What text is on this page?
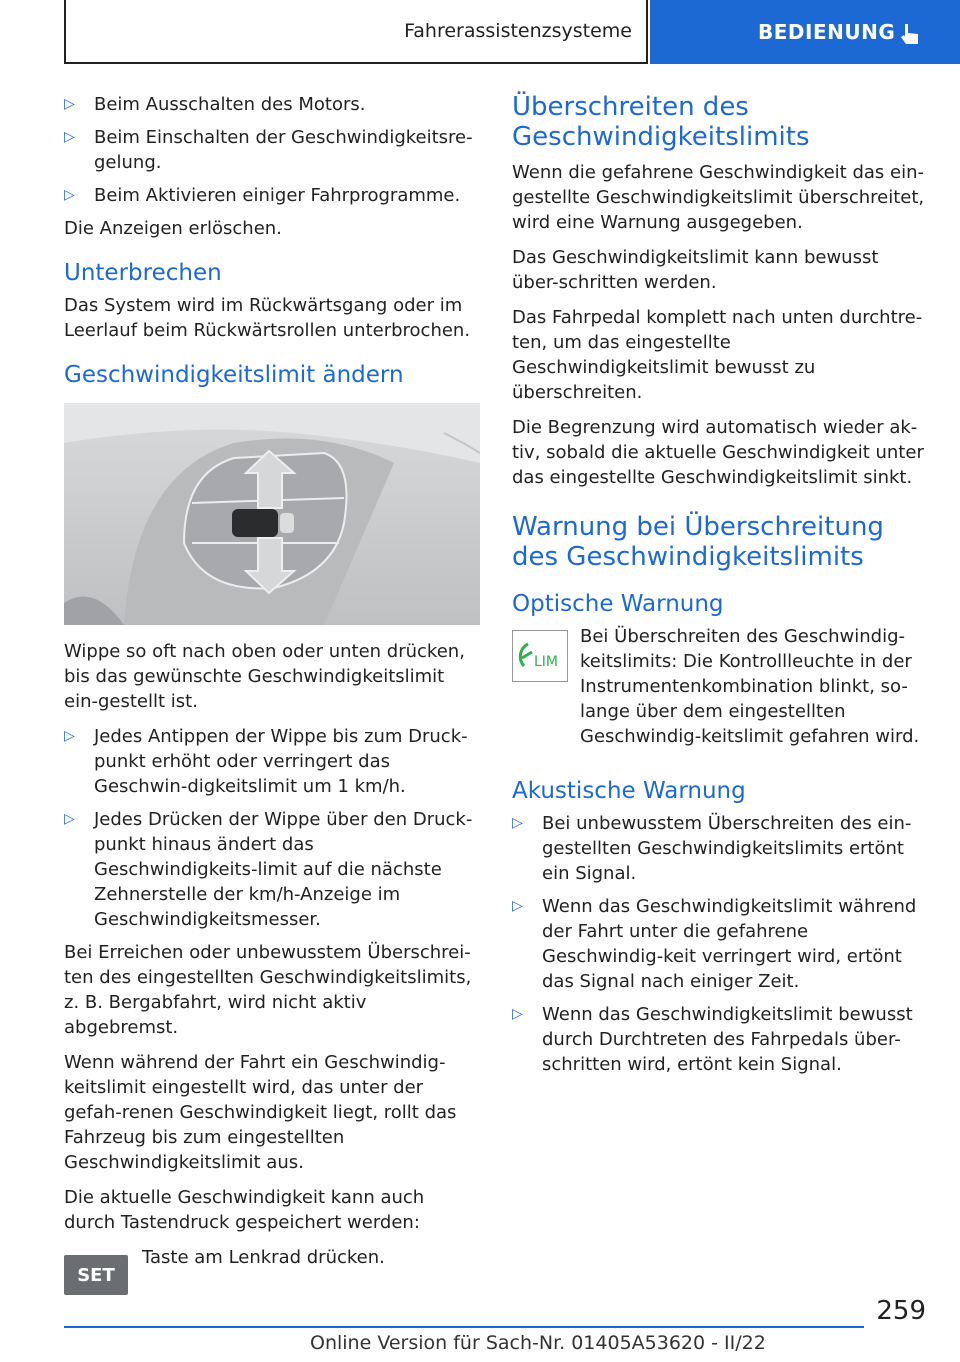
Fahrerassistenzsysteme	BEDIENUNG
▷ Beim Ausschalten des Motors.
▷ Beim Einschalten der Geschwindigkeitsre-gelung.
▷ Beim Aktivieren einiger Fahrprogramme.

Die Anzeigen erlöschen.

Unterbrechen

Das System wird im Rückwärtsgang oder im Leerlauf beim Rückwärtsrollen unterbrochen.

Geschwindigkeitslimit ändern

Wippe so oft nach oben oder unten drücken, bis das gewünschte Geschwindigkeitslimit ein-gestellt ist.

▷ Jedes Antippen der Wippe bis zum Druck-punkt erhöht oder verringert das Geschwin-digkeitslimit um 1 km/h.
▷ Jedes Drücken der Wippe über den Druck-punkt hinaus ändert das Geschwindigkeits-limit auf die nächste Zehnerstelle der km/h-Anzeige im Geschwindigkeitsmesser.

Bei Erreichen oder unbewusstem Überschrei-ten des eingestellten Geschwindigkeitslimits, z. B. Bergabfahrt, wird nicht aktiv abgebremst.

Wenn während der Fahrt ein Geschwindig-keitslimit eingestellt wird, das unter der gefah-renen Geschwindigkeit liegt, rollt das Fahrzeug bis zum eingestellten Geschwindigkeitslimit aus.

Die aktuelle Geschwindigkeit kann auch durch Tastendruck gespeichert werden:

SET

Taste am Lenkrad drücken.

Überschreiten des Geschwindigkeitslimits

Wenn die gefahrene Geschwindigkeit das ein-gestellte Geschwindigkeitslimit überschreitet, wird eine Warnung ausgegeben.

Das Geschwindigkeitslimit kann bewusst über-schritten werden.

Das Fahrpedal komplett nach unten durchtre-ten, um das eingestellte Geschwindigkeitslimit bewusst zu überschreiten.

Die Begrenzung wird automatisch wieder ak-tiv, sobald die aktuelle Geschwindigkeit unter das eingestellte Geschwindigkeitslimit sinkt.

Warnung bei Überschreitung des Geschwindigkeitslimits
Optische Warnung
LIM

Bei Überschreiten des Geschwindig-keitslimits: Die Kontrollleuchte in der Instrumentenkombination blinkt, so-lange über dem eingestellten Geschwindig-keitslimit gefahren wird.

Akustische Warnung
▷ Bei unbewusstem Überschreiten des ein-gestellten Geschwindigkeitslimits ertönt ein Signal.
▷ Wenn das Geschwindigkeitslimit während der Fahrt unter die gefahrene Geschwindig-keit verringert wird, ertönt das Signal nach einiger Zeit.
▷ Wenn das Geschwindigkeitslimit bewusst durch Durchtreten des Fahrpedals über-schritten wird, ertönt kein Signal.
259
Online Version für Sach-Nr. 01405A53620 - II/22
